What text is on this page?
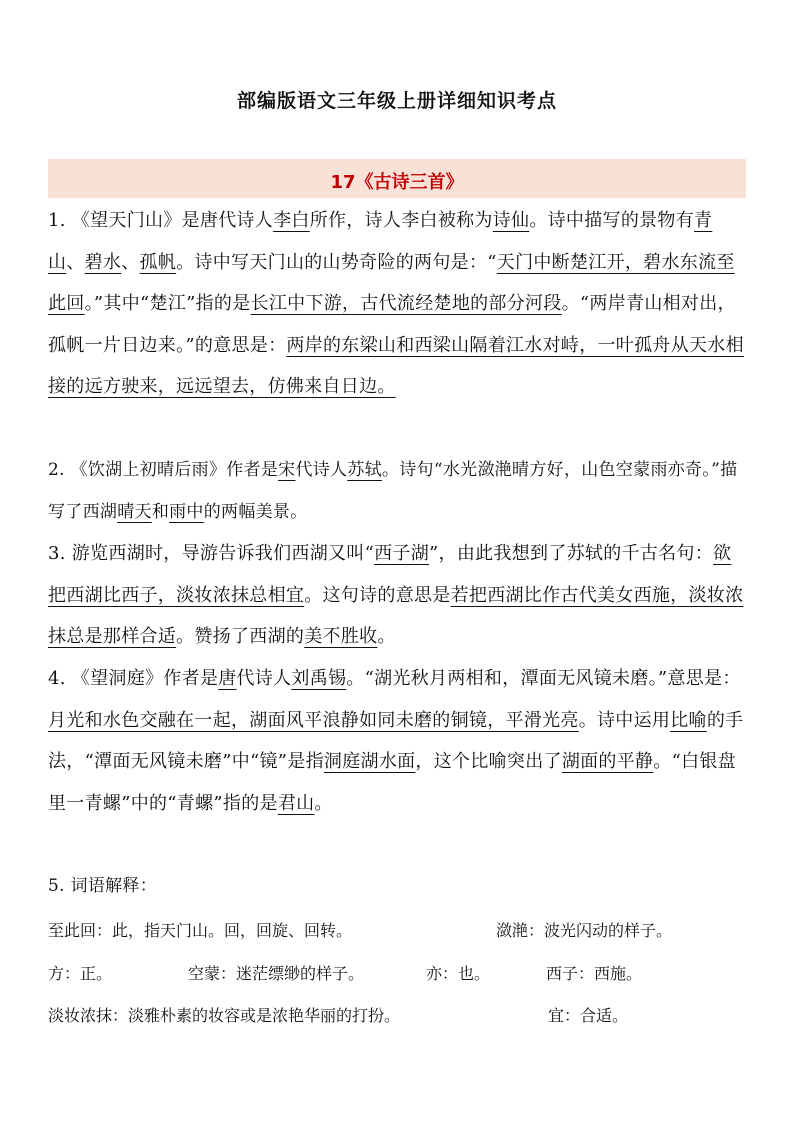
部编版语文三年级上册详细知识考点
17《古诗三首》

1. 《望天门山》是唐代诗人李白所作，诗人李白被称为诗仙。诗中描写的景物有青山、碧水、孤帆。诗中写天门山的山势奇险的两句是：“天门中断楚江开，碧水东流至此回。”其中“楚江”指的是长江中下游，古代流经楚地的部分河段。“两岸青山相对出，孤帆一片日边来。”的意思是：两岸的东梁山和西梁山隔着江水对峙，一叶孤舟从天水相接的远方驶来，远远望去，仿佛来自日边。

2. 《饮湖上初晴后雨》作者是宋代诗人苏轼。诗句“水光潋滟晴方好，山色空蒙雨亦奇。”描写了西湖晴天和雨中的两幅美景。

3. 游览西湖时，导游告诉我们西湖又叫“西子湖”，由此我想到了苏轼的千古名句：欲把西湖比西子，淡妆浓抹总相宜。这句诗的意思是若把西湖比作古代美女西施，淡妆浓抹总是那样合适。赞扬了西湖的美不胜收。

4. 《望洞庭》作者是唐代诗人刘禹锡。“湖光秋月两相和，潭面无风镜未磨。”意思是：月光和水色交融在一起，湖面风平浪静如同未磨的铜镜，平滑光亮。诗中运用比喻的手法，“潭面无风镜未磨”中“镜”是指洞庭湖水面，这个比喻突出了湖面的平静。“白银盘里一青螺”中的“青螺”指的是君山。

5. 词语解释：

至此回：此，指天门山。回，回旋、回转。	潋滟：波光闪动的样子。
方：正。	空蒙：迷茫缥缈的样子。	亦：也。	西子：西施。
淡妆浓抹：淡雅朴素的妆容或是浓艳华丽的打扮。	宜：合适。
